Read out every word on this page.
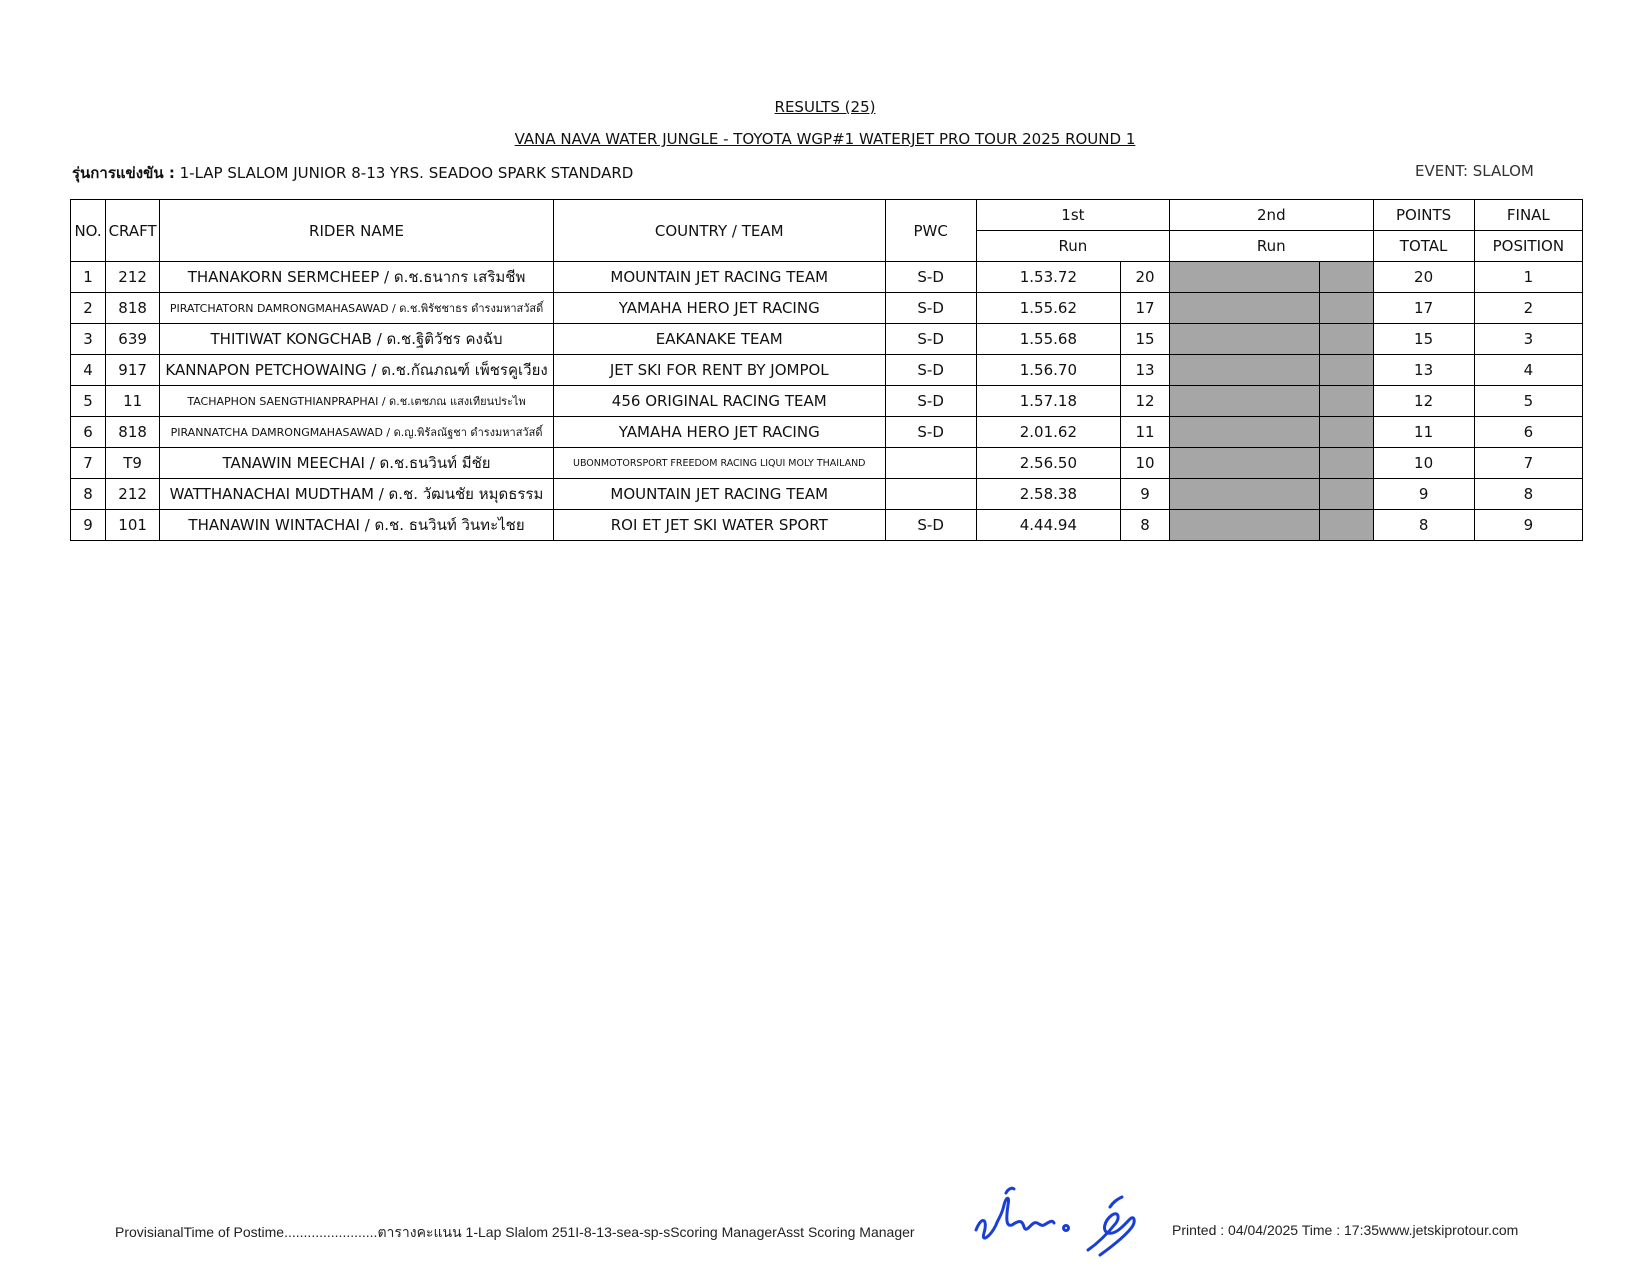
RESULTS (25)
VANA NAVA WATER JUNGLE - TOYOTA WGP#1 WATERJET PRO TOUR 2025 ROUND 1
รุ่นการแข่งขัน : 1-LAP SLALOM JUNIOR 8-13 YRS. SEADOO SPARK STANDARD	EVENT: SLALOM
NO.	CRAFT	RIDER NAME	COUNTRY / TEAM	PWC	1st		2nd		POINTS	FINAL
					Run		Run		TOTAL	POSITION
1	212	THANAKORN SERMCHEEP / ด.ช.ธนากร เสริมชีพ	MOUNTAIN JET RACING TEAM	S-D	1.53.72	20			20	1
2	818	PIRATCHATORN DAMRONGMAHASAWAD / ด.ช.พิรัชชาธร ดำรงมหาสวัสดิ์	YAMAHA HERO JET RACING	S-D	1.55.62	17			17	2
3	639	THITIWAT KONGCHAB / ด.ช.ฐิติวัชร คงฉับ	EAKANAKE TEAM	S-D	1.55.68	15			15	3
4	917	KANNAPON PETCHOWAING / ด.ช.กัณภณฑ์ เพ็ชรคูเวียง	JET SKI FOR RENT BY JOMPOL	S-D	1.56.70	13			13	4
5	11	TACHAPHON SAENGTHIANPRAPHAI / ด.ช.เตชภณ แสงเทียนประไพ	456 ORIGINAL RACING TEAM	S-D	1.57.18	12			12	5
6	818	PIRANNATCHA DAMRONGMAHASAWAD / ด.ญ.พิรัลณัฐชา ดำรงมหาสวัสดิ์	YAMAHA HERO JET RACING	S-D	2.01.62	11			11	6
7	T9	TANAWIN MEECHAI / ด.ช.ธนวินท์ มีชัย	UBONMOTORSPORT FREEDOM RACING LIQUI MOLY THAILAND		2.56.50	10			10	7
8	212	WATTHANACHAI MUDTHAM / ด.ช. วัฒนชัย หมุดธรรม	MOUNTAIN JET RACING TEAM		2.58.38	9			9	8
9	101	THANAWIN WINTACHAI / ด.ช. ธนวินท์ วินทะไชย	ROI ET JET SKI WATER SPORT	S-D	4.44.94	8			8	9
ProvisianalTime of Postime........................ตารางคะแนน 1-Lap Slalom 251I-8-13-sea-sp-sScoring ManagerAsst Scoring Manager	Printed : 04/04/2025 Time : 17:35www.jetskiprotour.com
